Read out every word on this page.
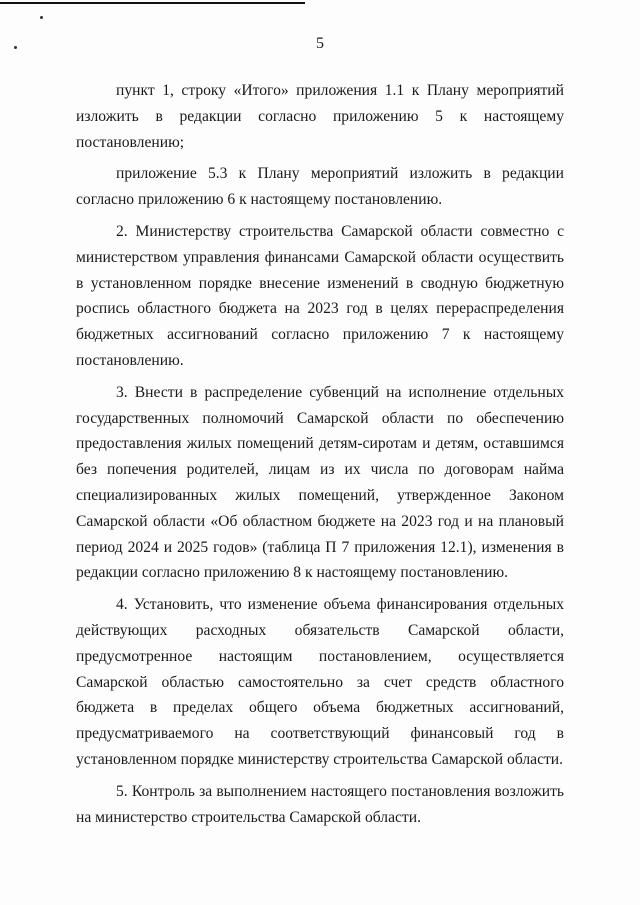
5

пункт 1, строку «Итого» приложения 1.1 к Плану мероприятий изложить в редакции согласно приложению 5 к настоящему постановлению;

приложение 5.3 к Плану мероприятий изложить в редакции согласно приложению 6 к настоящему постановлению.

2. Министерству строительства Самарской области совместно с министерством управления финансами Самарской области осуществить в установленном порядке внесение изменений в сводную бюджетную роспись областного бюджета на 2023 год в целях перераспределения бюджетных ассигнований согласно приложению 7 к настоящему постановлению.

3. Внести в распределение субвенций на исполнение отдельных государственных полномочий Самарской области по обеспечению предоставления жилых помещений детям-сиротам и детям, оставшимся без попечения родителей, лицам из их числа по договорам найма специализированных жилых помещений, утвержденное Законом Самарской области «Об областном бюджете на 2023 год и на плановый период 2024 и 2025 годов» (таблица П 7 приложения 12.1), изменения в редакции согласно приложению 8 к настоящему постановлению.

4. Установить, что изменение объема финансирования отдельных действующих расходных обязательств Самарской области, предусмотренное настоящим постановлением, осуществляется Самарской областью самостоятельно за счет средств областного бюджета в пределах общего объема бюджетных ассигнований, предусматриваемого на соответствующий финансовый год в установленном порядке министерству строительства Самарской области.

5. Контроль за выполнением настоящего постановления возложить на министерство строительства Самарской области.
